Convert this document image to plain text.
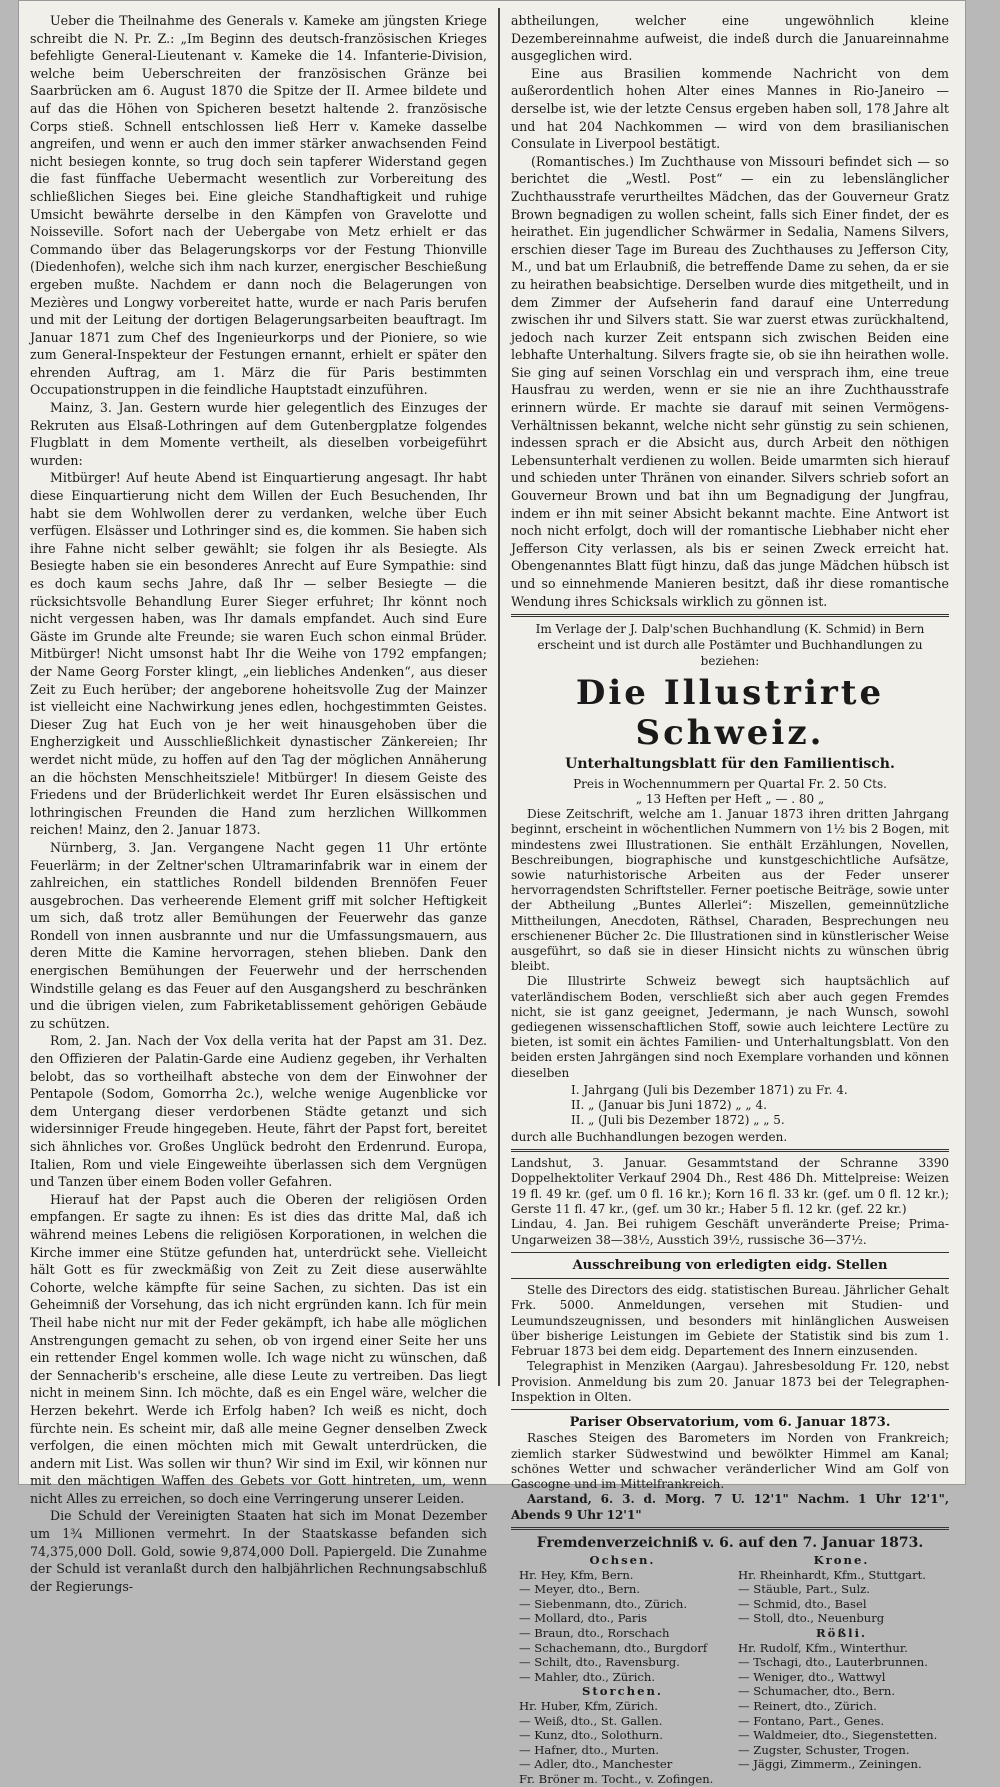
Ueber die Theilnahme des Generals v. Kameke am jüngsten Kriege schreibt die N. Pr. Z.: „Im Beginn des deutsch-französischen Krieges befehligte General-Lieutenant v. Kameke die 14. Infanterie-Division, welche beim Ueberschreiten der französischen Gränze bei Saarbrücken am 6. August 1870 die Spitze der II. Armee bildete und auf das die Höhen von Spicheren besetzt haltende 2. französische Corps stieß. Schnell entschlossen ließ Herr v. Kameke dasselbe angreifen, und wenn er auch den immer stärker anwachsenden Feind nicht besiegen konnte, so trug doch sein tapferer Widerstand gegen die fast fünffache Uebermacht wesentlich zur Vorbereitung des schließlichen Sieges bei. Eine gleiche Standhaftigkeit und ruhige Umsicht bewährte derselbe in den Kämpfen von Gravelotte und Noisseville. Sofort nach der Uebergabe von Metz erhielt er das Commando über das Belagerungskorps vor der Festung Thionville (Diedenhofen), welche sich ihm nach kurzer, energischer Beschießung ergeben mußte. Nachdem er dann noch die Belagerungen von Mezières und Longwy vorbereitet hatte, wurde er nach Paris berufen und mit der Leitung der dortigen Belagerungsarbeiten beauftragt. Im Januar 1871 zum Chef des Ingenieurkorps und der Pioniere, so wie zum General-Inspekteur der Festungen ernannt, erhielt er später den ehrenden Auftrag, am 1. März die für Paris bestimmten Occupationstruppen in die feindliche Hauptstadt einzuführen.

Mainz, 3. Jan. Gestern wurde hier gelegentlich des Einzuges der Rekruten aus Elsaß-Lothringen auf dem Gutenbergplatze folgendes Flugblatt in dem Momente vertheilt, als dieselben vorbeigeführt wurden:

Mitbürger! Auf heute Abend ist Einquartierung angesagt. Ihr habt diese Einquartierung nicht dem Willen der Euch Besuchenden, Ihr habt sie dem Wohlwollen derer zu verdanken, welche über Euch verfügen. Elsässer und Lothringer sind es, die kommen. Sie haben sich ihre Fahne nicht selber gewählt; sie folgen ihr als Besiegte. Als Besiegte haben sie ein besonderes Anrecht auf Eure Sympathie: sind es doch kaum sechs Jahre, daß Ihr — selber Besiegte — die rücksichtsvolle Behandlung Eurer Sieger erfuhret; Ihr könnt noch nicht vergessen haben, was Ihr damals empfandet. Auch sind Eure Gäste im Grunde alte Freunde; sie waren Euch schon einmal Brüder. Mitbürger! Nicht umsonst habt Ihr die Weihe von 1792 empfangen; der Name Georg Forster klingt, „ein liebliches Andenken“, aus dieser Zeit zu Euch herüber; der angeborene hoheitsvolle Zug der Mainzer ist vielleicht eine Nachwirkung jenes edlen, hochgestimmten Geistes. Dieser Zug hat Euch von je her weit hinausgehoben über die Engherzigkeit und Ausschließlichkeit dynastischer Zänkereien; Ihr werdet nicht müde, zu hoffen auf den Tag der möglichen Annäherung an die höchsten Menschheitsziele! Mitbürger! In diesem Geiste des Friedens und der Brüderlichkeit werdet Ihr Euren elsässischen und lothringischen Freunden die Hand zum herzlichen Willkommen reichen! Mainz, den 2. Januar 1873.

Nürnberg, 3. Jan. Vergangene Nacht gegen 11 Uhr ertönte Feuerlärm; in der Zeltner'schen Ultramarinfabrik war in einem der zahlreichen, ein stattliches Rondell bildenden Brennöfen Feuer ausgebrochen. Das verheerende Element griff mit solcher Heftigkeit um sich, daß trotz aller Bemühungen der Feuerwehr das ganze Rondell von innen ausbrannte und nur die Umfassungsmauern, aus deren Mitte die Kamine hervorragen, stehen blieben. Dank den energischen Bemühungen der Feuerwehr und der herrschenden Windstille gelang es das Feuer auf den Ausgangsherd zu beschränken und die übrigen vielen, zum Fabriketablissement gehörigen Gebäude zu schützen.

Rom, 2. Jan. Nach der Vox della verita hat der Papst am 31. Dez. den Offizieren der Palatin-Garde eine Audienz gegeben, ihr Verhalten belobt, das so vortheilhaft absteche von dem der Einwohner der Pentapole (Sodom, Gomorrha 2c.), welche wenige Augenblicke vor dem Untergang dieser verdorbenen Städte getanzt und sich widersinniger Freude hingegeben. Heute, fährt der Papst fort, bereitet sich ähnliches vor. Großes Unglück bedroht den Erdenrund. Europa, Italien, Rom und viele Eingeweihte überlassen sich dem Vergnügen und Tanzen über einem Boden voller Gefahren.

Hierauf hat der Papst auch die Oberen der religiösen Orden empfangen. Er sagte zu ihnen: Es ist dies das dritte Mal, daß ich während meines Lebens die religiösen Korporationen, in welchen die Kirche immer eine Stütze gefunden hat, unterdrückt sehe. Vielleicht hält Gott es für zweckmäßig von Zeit zu Zeit diese auserwählte Cohorte, welche kämpfte für seine Sachen, zu sichten. Das ist ein Geheimniß der Vorsehung, das ich nicht ergründen kann. Ich für mein Theil habe nicht nur mit der Feder gekämpft, ich habe alle möglichen Anstrengungen gemacht zu sehen, ob von irgend einer Seite her uns ein rettender Engel kommen wolle. Ich wage nicht zu wünschen, daß der Sennacherib's erscheine, alle diese Leute zu vertreiben. Das liegt nicht in meinem Sinn. Ich möchte, daß es ein Engel wäre, welcher die Herzen bekehrt. Werde ich Erfolg haben? Ich weiß es nicht, doch fürchte nein. Es scheint mir, daß alle meine Gegner denselben Zweck verfolgen, die einen möchten mich mit Gewalt unterdrücken, die andern mit List. Was sollen wir thun? Wir sind im Exil, wir können nur mit den mächtigen Waffen des Gebets vor Gott hintreten, um, wenn nicht Alles zu erreichen, so doch eine Verringerung unserer Leiden.

Die Schuld der Vereinigten Staaten hat sich im Monat Dezember um 1¾ Millionen vermehrt. In der Staatskasse befanden sich 74,375,000 Doll. Gold, sowie 9,874,000 Doll. Papiergeld. Die Zunahme der Schuld ist veranlaßt durch den halbjährlichen Rechnungsabschluß der Regierungs-

abtheilungen, welcher eine ungewöhnlich kleine Dezembereinnahme aufweist, die indeß durch die Januareinnahme ausgeglichen wird.

Eine aus Brasilien kommende Nachricht von dem außerordentlich hohen Alter eines Mannes in Rio-Janeiro — derselbe ist, wie der letzte Census ergeben haben soll, 178 Jahre alt und hat 204 Nachkommen — wird von dem brasilianischen Consulate in Liverpool bestätigt.

(Romantisches.) Im Zuchthause von Missouri befindet sich — so berichtet die „Westl. Post“ — ein zu lebenslänglicher Zuchthausstrafe verurtheiltes Mädchen, das der Gouverneur Gratz Brown begnadigen zu wollen scheint, falls sich Einer findet, der es heirathet. Ein jugendlicher Schwärmer in Sedalia, Namens Silvers, erschien dieser Tage im Bureau des Zuchthauses zu Jefferson City, M., und bat um Erlaubniß, die betreffende Dame zu sehen, da er sie zu heirathen beabsichtige. Derselben wurde dies mitgetheilt, und in dem Zimmer der Aufseherin fand darauf eine Unterredung zwischen ihr und Silvers statt. Sie war zuerst etwas zurückhaltend, jedoch nach kurzer Zeit entspann sich zwischen Beiden eine lebhafte Unterhaltung. Silvers fragte sie, ob sie ihn heirathen wolle. Sie ging auf seinen Vorschlag ein und versprach ihm, eine treue Hausfrau zu werden, wenn er sie nie an ihre Zuchthausstrafe erinnern würde. Er machte sie darauf mit seinen Vermögens-Verhältnissen bekannt, welche nicht sehr günstig zu sein schienen, indessen sprach er die Absicht aus, durch Arbeit den nöthigen Lebensunterhalt verdienen zu wollen. Beide umarmten sich hierauf und schieden unter Thränen von einander. Silvers schrieb sofort an Gouverneur Brown und bat ihn um Begnadigung der Jungfrau, indem er ihn mit seiner Absicht bekannt machte. Eine Antwort ist noch nicht erfolgt, doch will der romantische Liebhaber nicht eher Jefferson City verlassen, als bis er seinen Zweck erreicht hat. Obengenanntes Blatt fügt hinzu, daß das junge Mädchen hübsch ist und so einnehmende Manieren besitzt, daß ihr diese romantische Wendung ihres Schicksals wirklich zu gönnen ist.

Im Verlage der J. Dalp'schen Buchhandlung (K. Schmid) in Bern erscheint und ist durch alle Postämter und Buchhandlungen zu beziehen:
Die Illustrirte Schweiz.
Unterhaltungsblatt für den Familientisch.
Preis in Wochennummern per Quartal Fr. 2. 50 Cts.
„ 13 Heften per Heft „ — . 80 „

Diese Zeitschrift, welche am 1. Januar 1873 ihren dritten Jahrgang beginnt, erscheint in wöchentlichen Nummern von 1½ bis 2 Bogen, mit mindestens zwei Illustrationen. Sie enthält Erzählungen, Novellen, Beschreibungen, biographische und kunstgeschichtliche Aufsätze, sowie naturhistorische Arbeiten aus der Feder unserer hervorragendsten Schriftsteller. Ferner poetische Beiträge, sowie unter der Abtheilung „Buntes Allerlei“: Miszellen, gemeinnützliche Mittheilungen, Anecdoten, Räthsel, Charaden, Besprechungen neu erschienener Bücher 2c. Die Illustrationen sind in künstlerischer Weise ausgeführt, so daß sie in dieser Hinsicht nichts zu wünschen übrig bleibt.

Die Illustrirte Schweiz bewegt sich hauptsächlich auf vaterländischem Boden, verschließt sich aber auch gegen Fremdes nicht, sie ist ganz geeignet, Jedermann, je nach Wunsch, sowohl gediegenen wissenschaftlichen Stoff, sowie auch leichtere Lectüre zu bieten, ist somit ein ächtes Familien- und Unterhaltungsblatt. Von den beiden ersten Jahrgängen sind noch Exemplare vorhanden und können dieselben

I. Jahrgang (Juli bis Dezember 1871) zu Fr. 4.
II. „ (Januar bis Juni 1872) „ „ 4.
II. „ (Juli bis Dezember 1872) „ „ 5.
durch alle Buchhandlungen bezogen werden.
Landshut, 3. Januar. Gesammtstand der Schranne 3390 Doppelhektoliter Verkauf 2904 Dh., Rest 486 Dh. Mittelpreise: Weizen 19 fl. 49 kr. (gef. um 0 fl. 16 kr.); Korn 16 fl. 33 kr. (gef. um 0 fl. 12 kr.); Gerste 11 fl. 47 kr., (gef. um 30 kr.; Haber 5 fl. 12 kr. (gef. 22 kr.)
Lindau, 4. Jan. Bei ruhigem Geschäft unveränderte Preise; Prima-Ungarweizen 38—38½, Ausstich 39½, russische 36—37½.
Ausschreibung von erledigten eidg. Stellen
Stelle des Directors des eidg. statistischen Bureau. Jährlicher Gehalt Frk. 5000. Anmeldungen, versehen mit Studien- und Leumundszeugnissen, und besonders mit hinlänglichen Ausweisen über bisherige Leistungen im Gebiete der Statistik sind bis zum 1. Februar 1873 bei dem eidg. Departement des Innern einzusenden.
Telegraphist in Menziken (Aargau). Jahresbesoldung Fr. 120, nebst Provision. Anmeldung bis zum 20. Januar 1873 bei der Telegraphen-Inspektion in Olten.
Pariser Observatorium, vom 6. Januar 1873.
Rasches Steigen des Barometers im Norden von Frankreich; ziemlich starker Südwestwind und bewölkter Himmel am Kanal; schönes Wetter und schwacher veränderlicher Wind am Golf von Gascogne und im Mittelfrankreich.
Aarstand, 6. 3. d. Morg. 7 U. 12'1" Nachm. 1 Uhr 12'1", Abends 9 Uhr 12'1"
Fremdenverzeichniß v. 6. auf den 7. Januar 1873.
Ochsen.
Hr. Hey, Kfm, Bern.
— Meyer, dto., Bern.
— Siebenmann, dto., Zürich.
— Mollard, dto., Paris
— Braun, dto., Rorschach
— Schachemann, dto., Burgdorf
— Schilt, dto., Ravensburg.
— Mahler, dto., Zürich.
Storchen.
Hr. Huber, Kfm, Zürich.
— Weiß, dto., St. Gallen.
— Kunz, dto., Solothurn.
— Hafner, dto., Murten.
— Adler, dto., Manchester
Fr. Bröner m. Tocht., v. Zofingen.
Krone.
Hr. Rheinhardt, Kfm., Stuttgart.
— Stäuble, Part., Sulz.
— Schmid, dto., Basel
— Stoll, dto., Neuenburg
Rößli.
Hr. Rudolf, Kfm., Winterthur.
— Tschagi, dto., Lauterbrunnen.
— Weniger, dto., Wattwyl
— Schumacher, dto., Bern.
— Reinert, dto., Zürich.
— Fontano, Part., Genes.
— Waldmeier, dto., Siegenstetten.
— Zugster, Schuster, Trogen.
— Jäggi, Zimmerm., Zeiningen.
